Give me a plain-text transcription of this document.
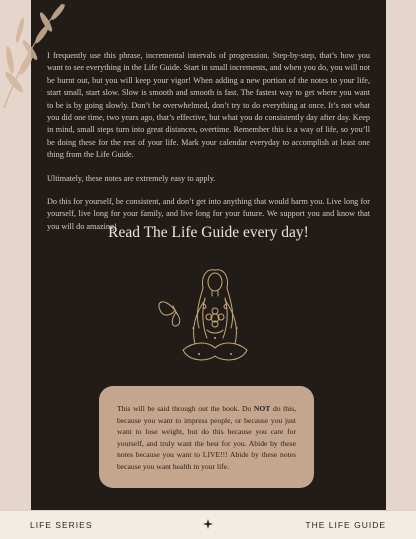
I frequently use this phrase, incremental intervals of progression. Step-by-step, that’s how you want to see everything in the Life Guide. Start in small increments, and when you do, you will not be burnt out, but you will keep your vigor! When adding a new portion of the notes to your life, start small, start slow. Slow is smooth and smooth is fast. The fastest way to get where you want to be is by going slowly. Don’t be overwhelmed, don’t try to do everything at once. It’s not what you did one time, two years ago, that’s effective, but what you do consistently day after day. Keep in mind, small steps turn into great distances, overtime. Remember this is a way of life, so you’ll be doing these for the rest of your life. Mark your calendar everyday to accomplish at least one thing from the Life Guide.

Ultimately, these notes are extremely easy to apply.

Do this for yourself, be consistent, and don’t get into anything that would harm you. Live long for yourself, live long for your family, and live long for your future. We support you and know that you will do amazing!

Read The Life Guide every day!
This will be said through out the book. Do NOT do this, because you want to impress people, or because you just want to lose weight, but do this because you care for yourself, and truly want the best for you. Abide by these notes because you want to LIVE!!! Abide by these notes because you want health in your life.
LIFE SERIES	THE LIFE GUIDE
